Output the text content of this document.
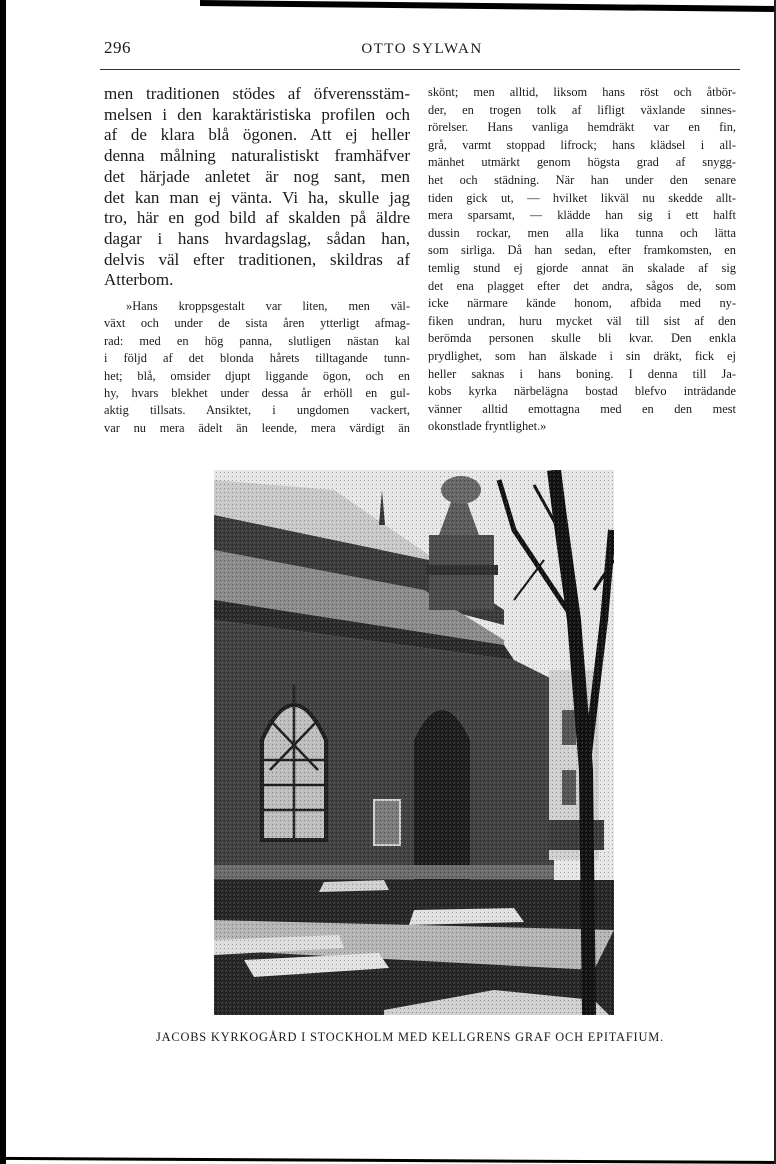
296	OTTO SYLWAN

men traditionen stödes af öfverensstäm-
melsen i den karaktäristiska profilen och
af de klara blå ögonen. Att ej heller
denna målning naturalistiskt framhäfver
det härjade anletet är nog sant, men
det kan man ej vänta. Vi ha, skulle jag
tro, här en god bild af skalden på äldre
dagar i hans hvardagslag, sådan han,
delvis väl efter traditionen, skildras af
Atterbom.

»Hans kroppsgestalt var liten, men väl-
växt och under de sista åren ytterligt afmag-
rad: med en hög panna, slutligen nästan kal
i följd af det blonda hårets tilltagande tunn-
het; blå, omsider djupt liggande ögon, och en
hy, hvars blekhet under dessa år erhöll en gul-
aktig tillsats. Ansiktet, i ungdomen vackert,
var nu mera ädelt än leende, mera värdigt än

skönt; men alltid, liksom hans röst och åtbör-
der, en trogen tolk af lifligt växlande sinnes-
rörelser. Hans vanliga hemdräkt var en fin,
grå, varmt stoppad lifrock; hans klädsel i all-
mänhet utmärkt genom högsta grad af snygg-
het och städning. När han under den senare
tiden gick ut, — hvilket likväl nu skedde allt-
mera sparsamt, — klädde han sig i ett halft
dussin rockar, men alla lika tunna och lätta
som sirliga. Då han sedan, efter framkomsten, en
temlig stund ej gjorde annat än skalade af sig
det ena plagget efter det andra, sågos de, som
icke närmare kände honom, afbida med ny-
fiken undran, huru mycket väl till sist af den
berömda personen skulle bli kvar. Den enkla
prydlighet, som han älskade i sin dräkt, fick ej
heller saknas i hans boning. I denna till Ja-
kobs kyrka närbelägna bostad blefvo inträdande
vänner alltid emottagna med en den mest
okonstlade fryntlighet.»

JACOBS KYRKOGÅRD I STOCKHOLM MED KELLGRENS GRAF OCH EPITAFIUM.
